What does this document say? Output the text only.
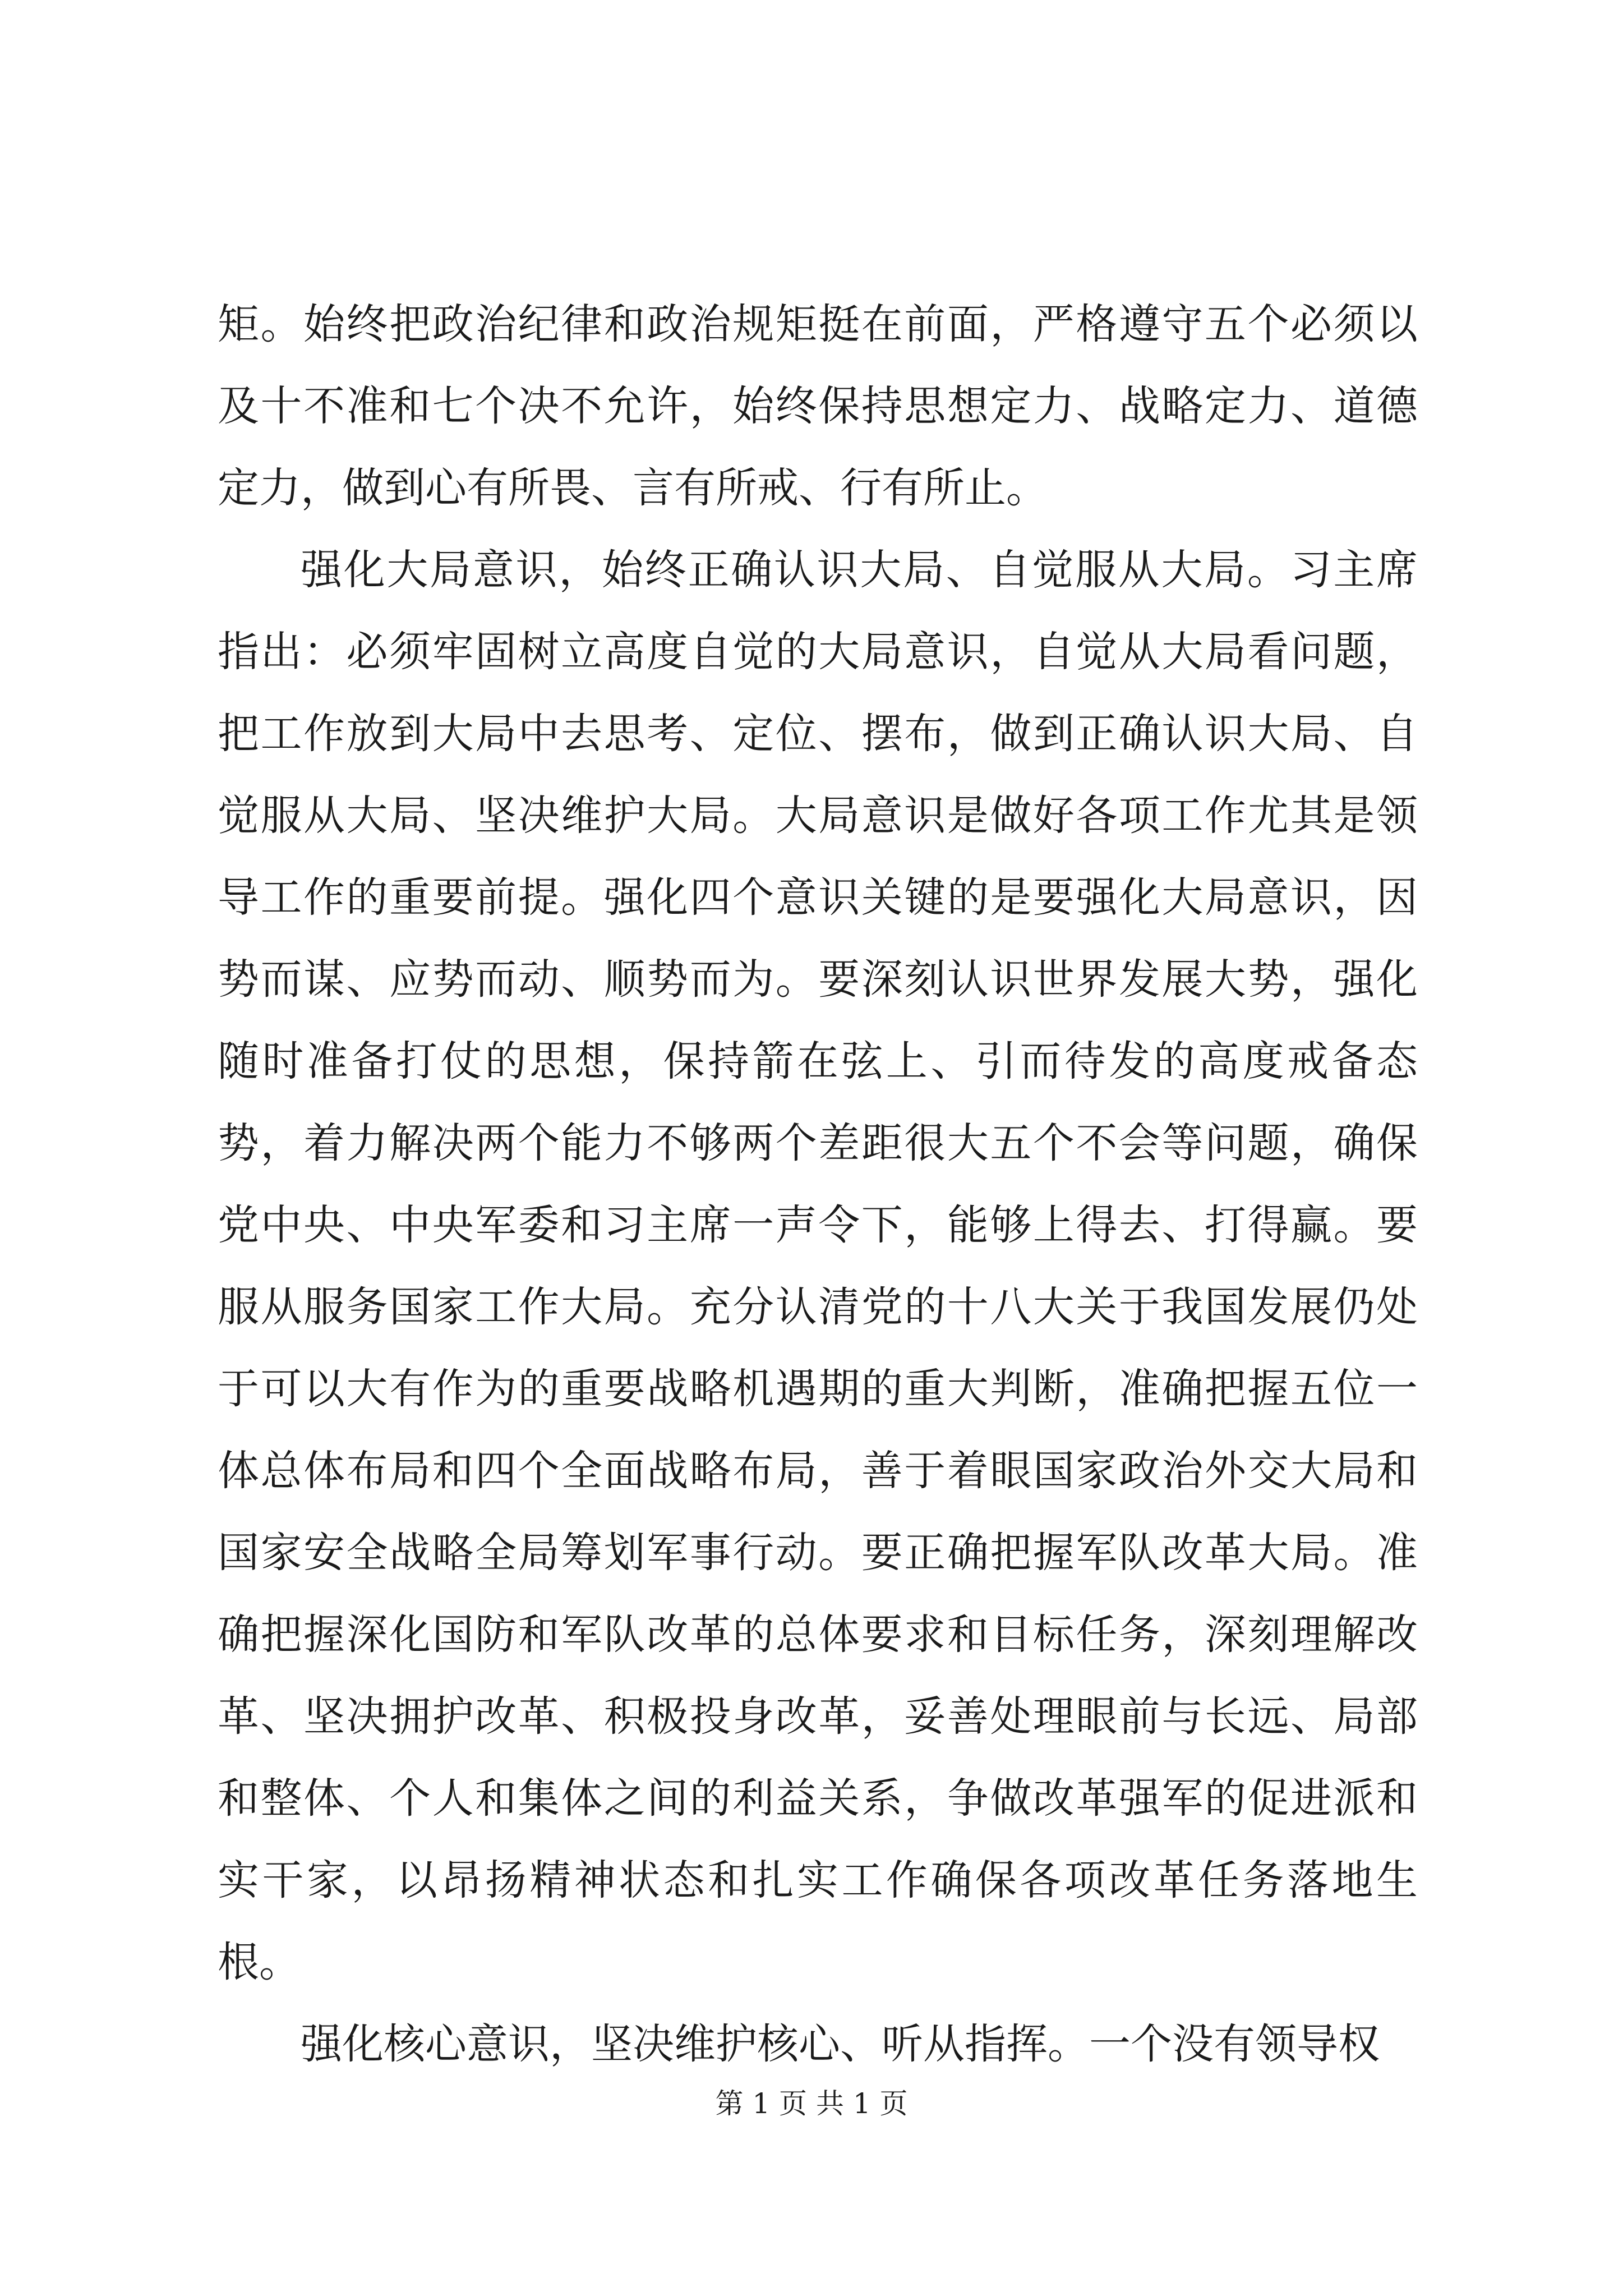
矩。始终把政治纪律和政治规矩挺在前面，严格遵守五个必须以及十不准和七个决不允许，始终保持思想定力、战略定力、道德定力，做到心有所畏、言有所戒、行有所止。

强化大局意识，始终正确认识大局、自觉服从大局。习主席指出：必须牢固树立高度自觉的大局意识，自觉从大局看问题，把工作放到大局中去思考、定位、摆布，做到正确认识大局、自觉服从大局、坚决维护大局。大局意识是做好各项工作尤其是领导工作的重要前提。强化四个意识关键的是要强化大局意识，因势而谋、应势而动、顺势而为。要深刻认识世界发展大势，强化随时准备打仗的思想，保持箭在弦上、引而待发的高度戒备态势，着力解决两个能力不够两个差距很大五个不会等问题，确保党中央、中央军委和习主席一声令下，能够上得去、打得赢。要服从服务国家工作大局。充分认清党的十八大关于我国发展仍处于可以大有作为的重要战略机遇期的重大判断，准确把握五位一体总体布局和四个全面战略布局，善于着眼国家政治外交大局和国家安全战略全局筹划军事行动。要正确把握军队改革大局。准确把握深化国防和军队改革的总体要求和目标任务，深刻理解改革、坚决拥护改革、积极投身改革，妥善处理眼前与长远、局部和整体、个人和集体之间的利益关系，争做改革强军的促进派和实干家，以昂扬精神状态和扎实工作确保各项改革任务落地生根。

强化核心意识，坚决维护核心、听从指挥。一个没有领导权

第 1 页 共 1 页
